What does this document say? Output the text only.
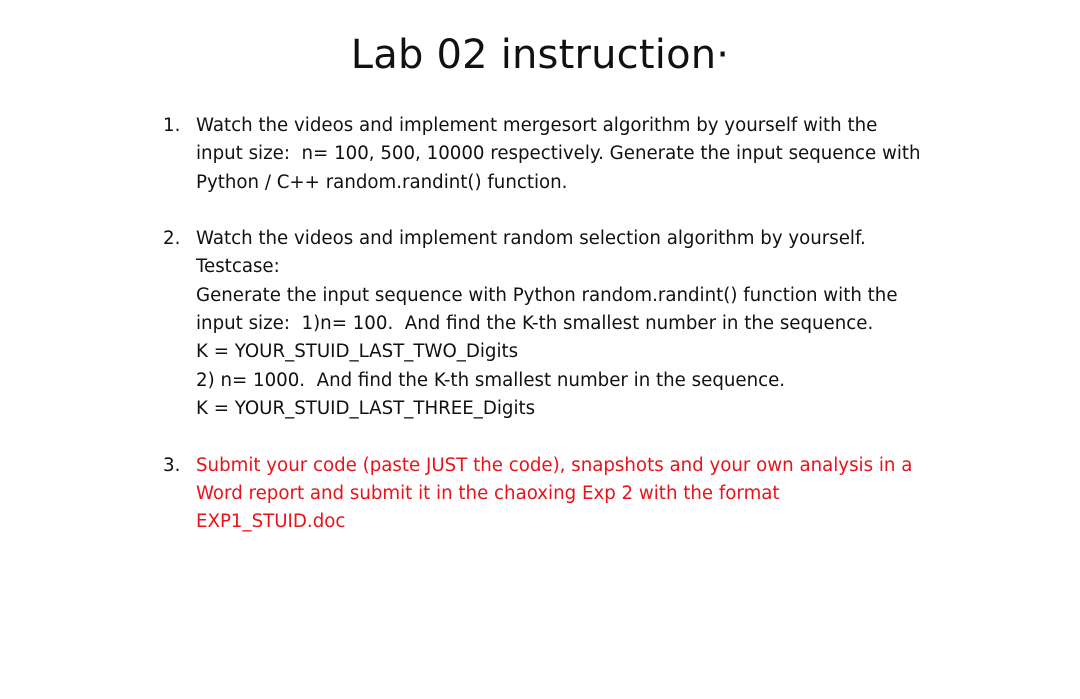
Lab 02 instruction·
1. Watch the videos and implement mergesort algorithm by yourself with the input size:  n= 100, 500, 10000 respectively. Generate the input sequence with Python / C++ random.randint() function.

2. Watch the videos and implement random selection algorithm by yourself.

Testcase:

Generate the input sequence with Python random.randint() function with the input size:  1)n= 100.  And find the K-th smallest number in the sequence.

K = YOUR_STUID_LAST_TWO_Digits

2) n= 1000.  And find the K-th smallest number in the sequence.

K = YOUR_STUID_LAST_THREE_Digits

3. Submit your code (paste JUST the code), snapshots and your own analysis in a Word report and submit it in the chaoxing Exp 2 with the format EXP1_STUID.doc
